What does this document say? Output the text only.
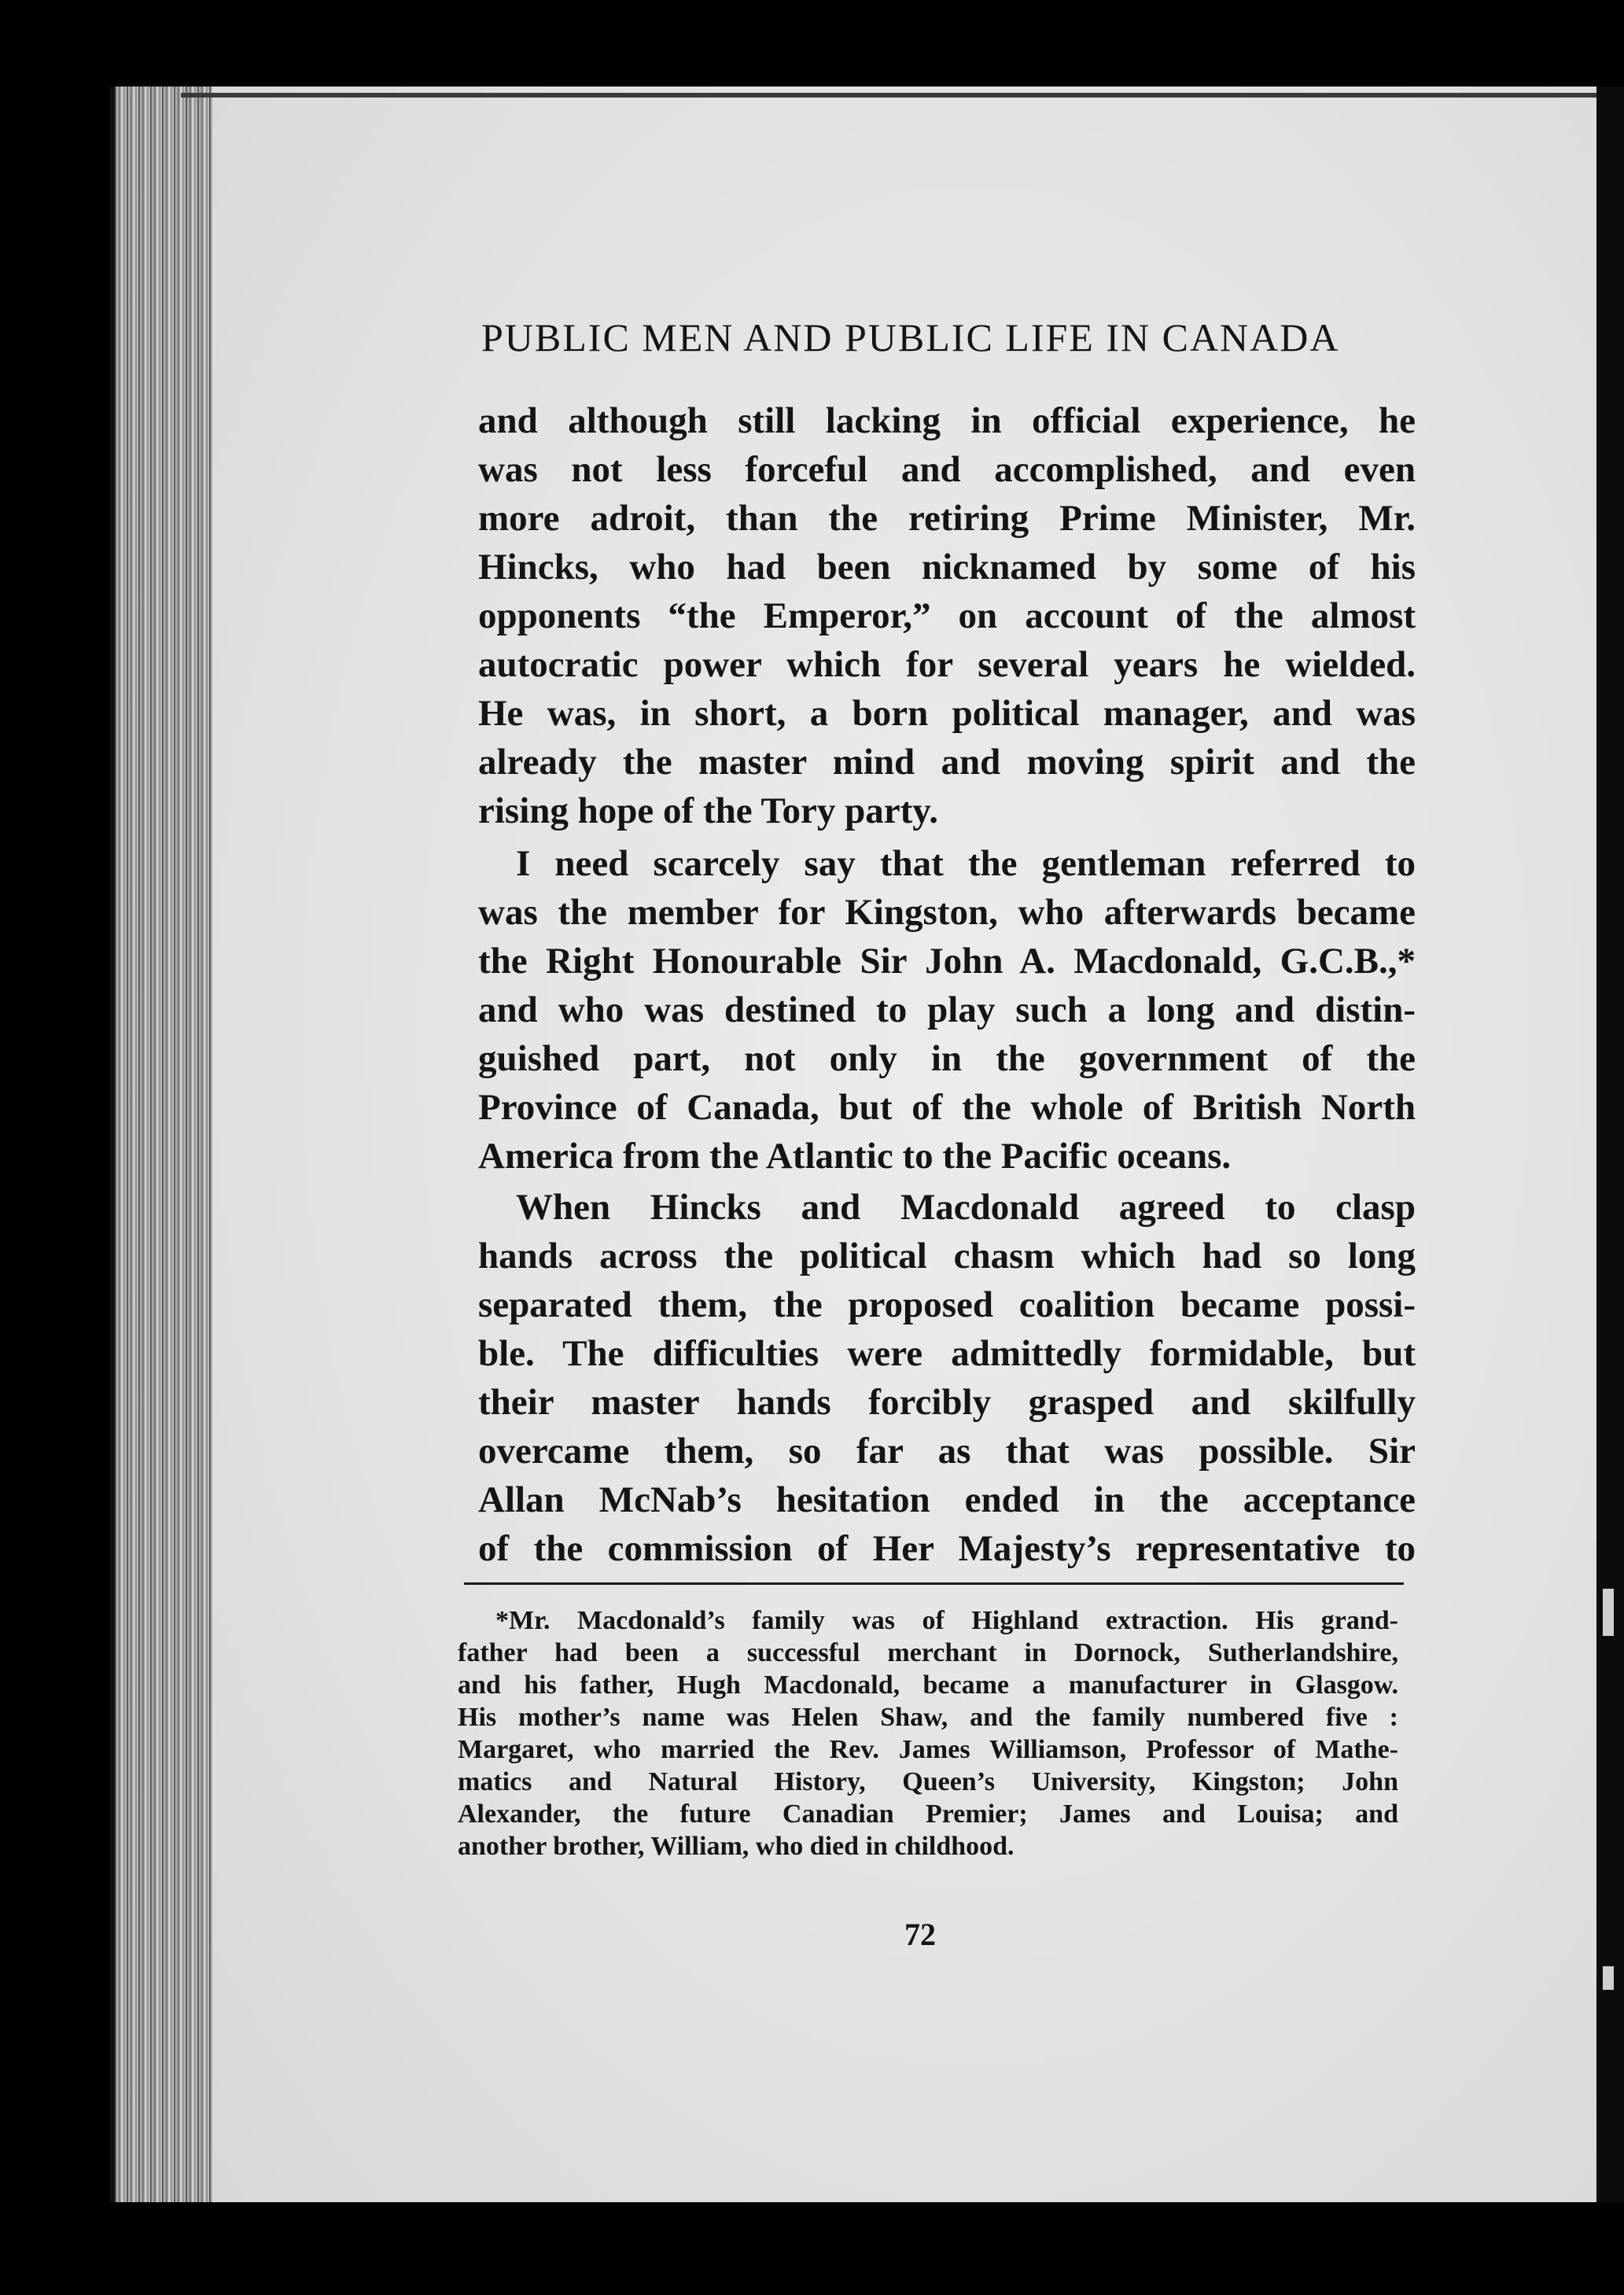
PUBLIC MEN AND PUBLIC LIFE IN CANADA
and although still lacking in official experience, he
was not less forceful and accomplished, and even
more adroit, than the retiring Prime Minister, Mr.
Hincks, who had been nicknamed by some of his
opponents “the Emperor,” on account of the almost
autocratic power which for several years he wielded.
He was, in short, a born political manager, and was
already the master mind and moving spirit and the
rising hope of the Tory party.
I need scarcely say that the gentleman referred to
was the member for Kingston, who afterwards became
the Right Honourable Sir John A. Macdonald, G.C.B.,*
and who was destined to play such a long and distin-
guished part, not only in the government of the
Province of Canada, but of the whole of British North
America from the Atlantic to the Pacific oceans.
When Hincks and Macdonald agreed to clasp
hands across the political chasm which had so long
separated them, the proposed coalition became possi-
ble. The difficulties were admittedly formidable, but
their master hands forcibly grasped and skilfully
overcame them, so far as that was possible. Sir
Allan McNab’s hesitation ended in the acceptance
of the commission of Her Majesty’s representative to
*Mr. Macdonald’s family was of Highland extraction. His grand-
father had been a successful merchant in Dornock, Sutherlandshire,
and his father, Hugh Macdonald, became a manufacturer in Glasgow.
His mother’s name was Helen Shaw, and the family numbered five :
Margaret, who married the Rev. James Williamson, Professor of Mathe-
matics and Natural History, Queen’s University, Kingston; John
Alexander, the future Canadian Premier; James and Louisa; and
another brother, William, who died in childhood.
72
